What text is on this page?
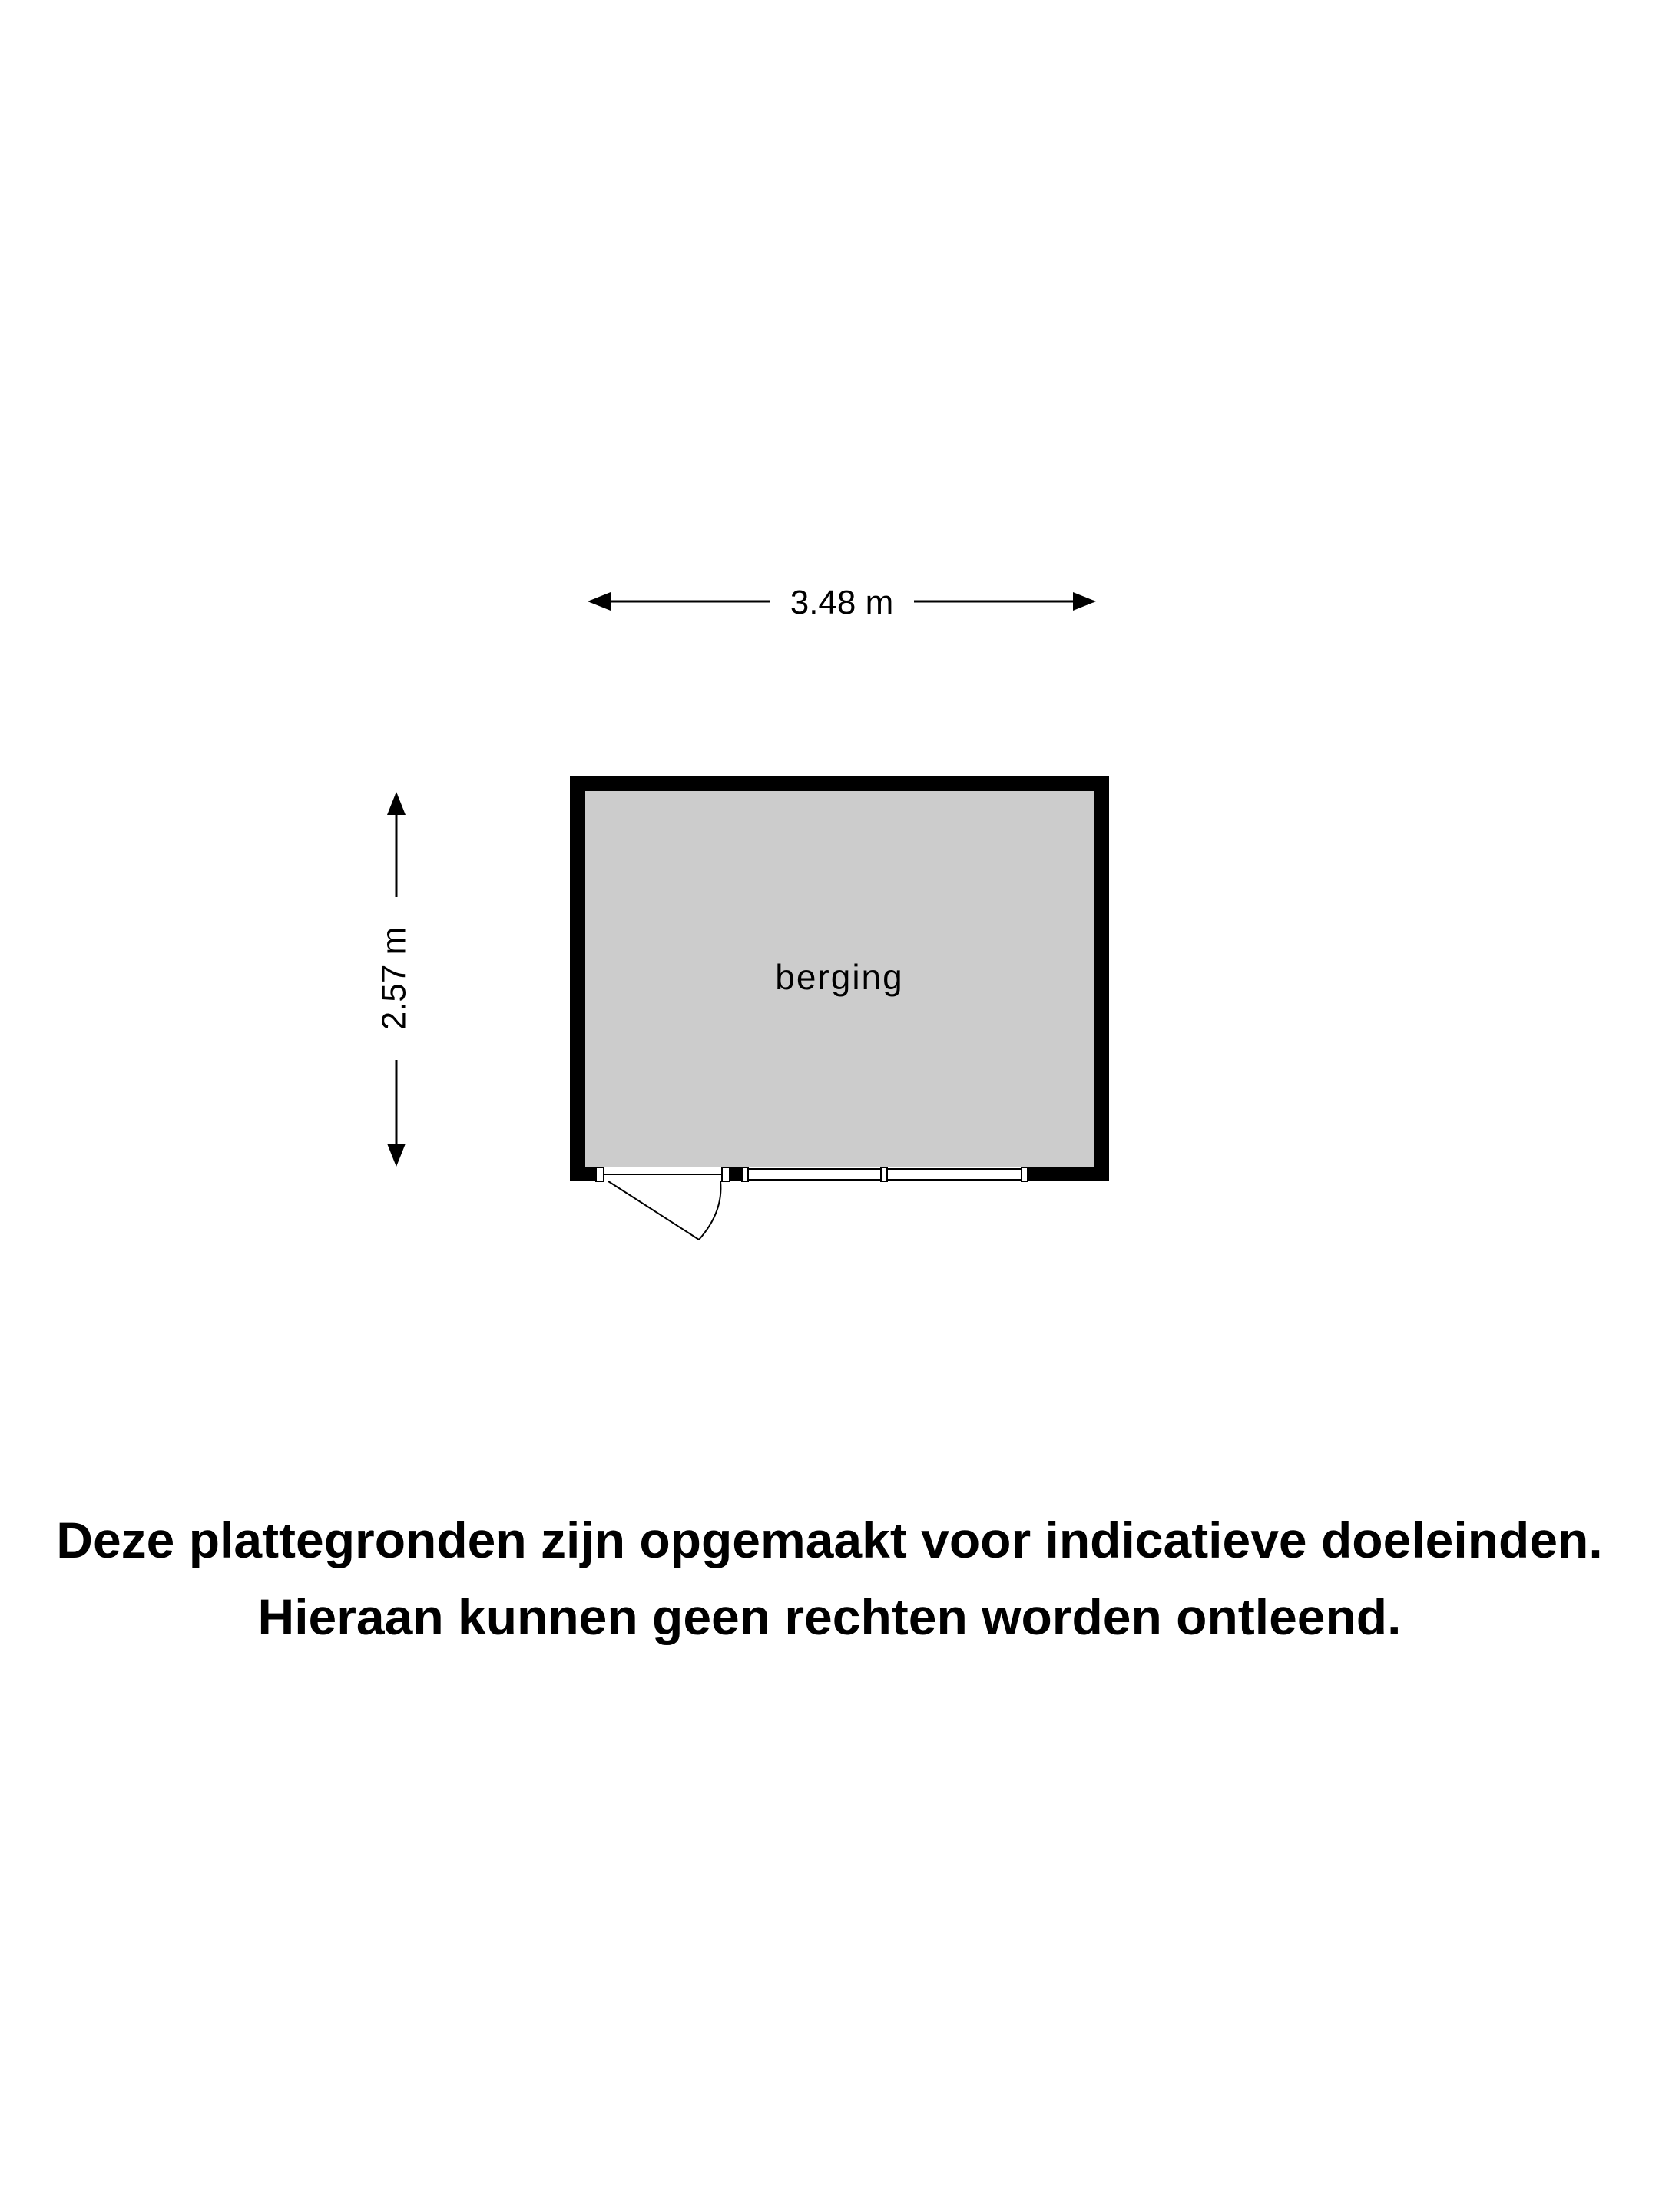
3.48 m
2.57 m	berging
Deze plattegronden zijn opgemaakt voor indicatieve doeleinden.
Hieraan kunnen geen rechten worden ontleend.
